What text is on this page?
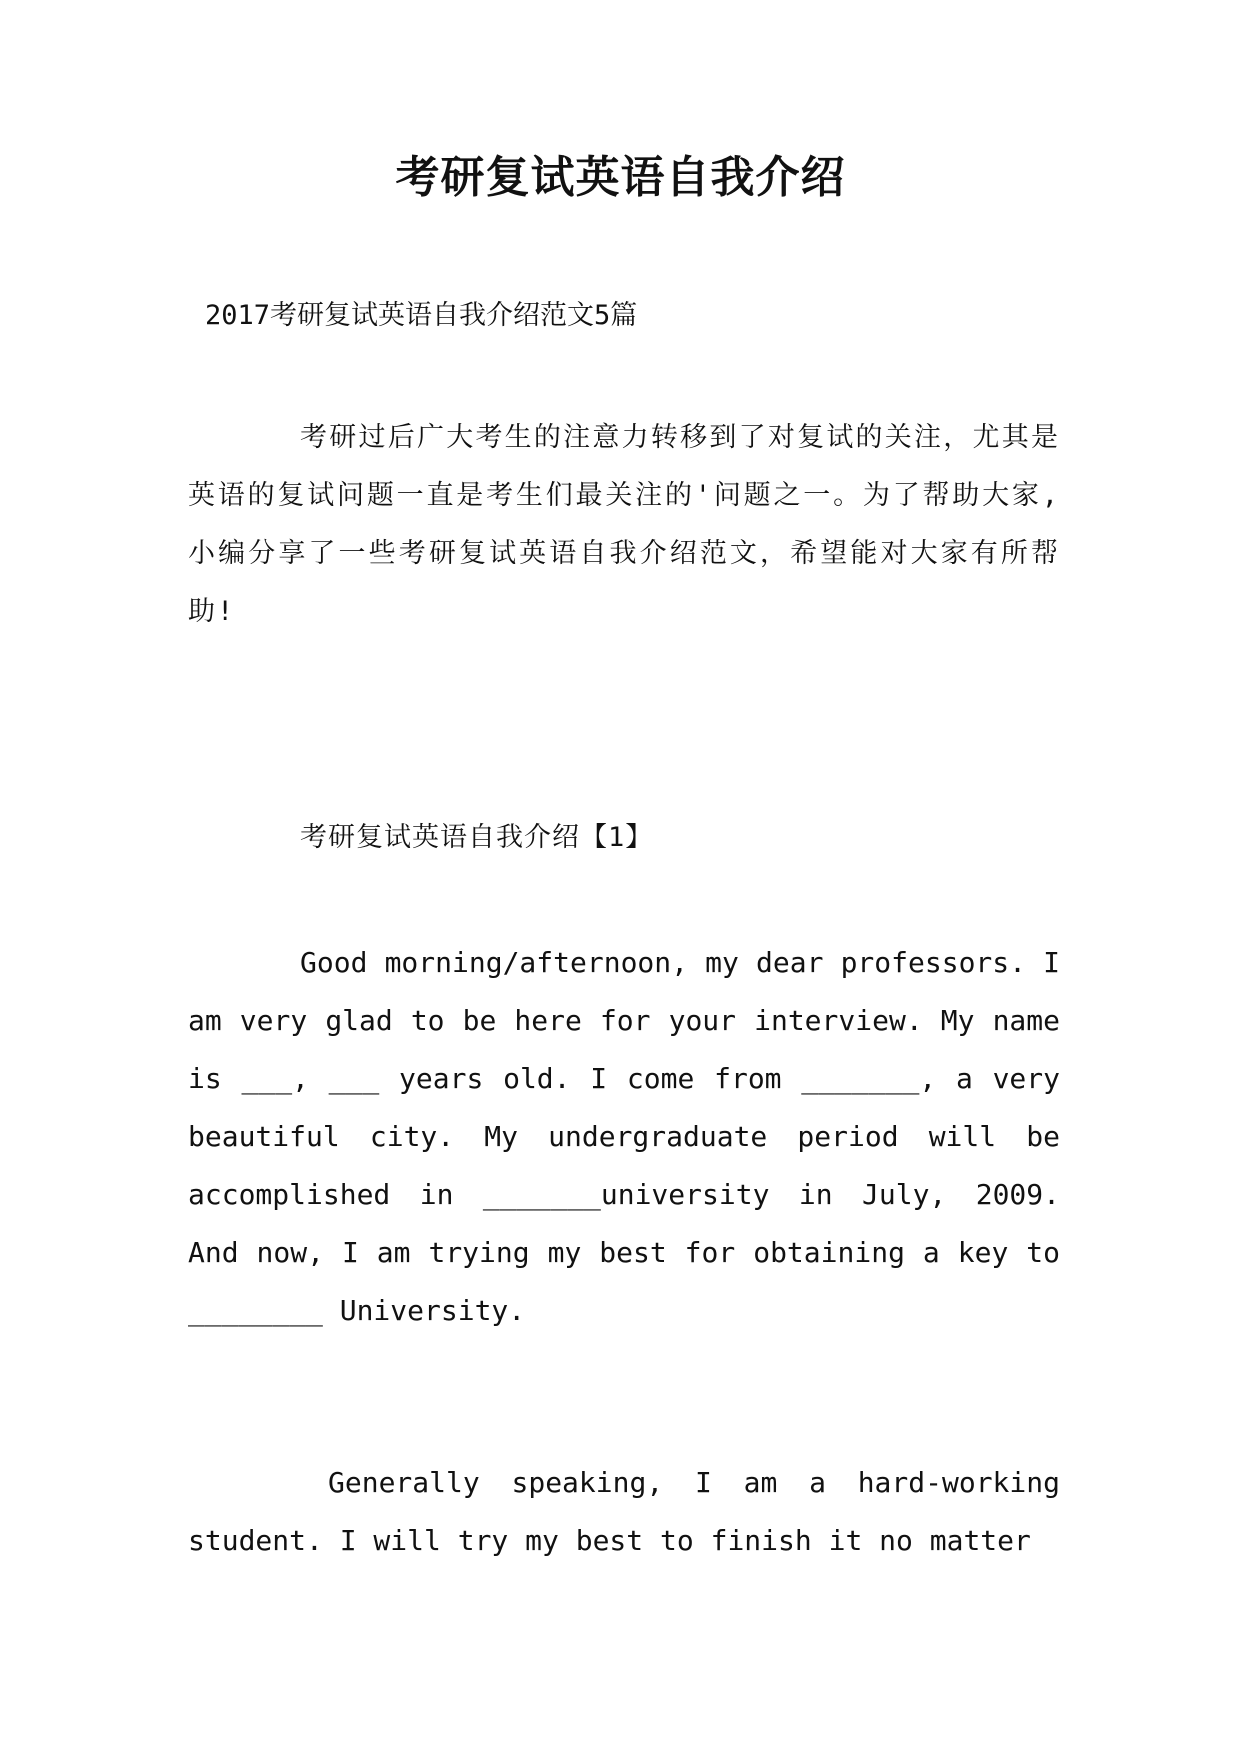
考研复试英语自我介绍
2017考研复试英语自我介绍范文5篇
考研过后广大考生的注意力转移到了对复试的关注，尤其是英语的复试问题一直是考生们最关注的'问题之一。为了帮助大家,小编分享了一些考研复试英语自我介绍范文，希望能对大家有所帮助!
考研复试英语自我介绍【1】
Good morning/afternoon, my dear professors. I am very glad to be here for your interview. My name is ___, ___ years old. I come from _______, a very beautiful city. My undergraduate period will be accomplished in _______university in July, 2009. And now, I am trying my best for obtaining a key to ________ University.
Generally speaking, I am a hard-working student. I will try my best to finish it no matter
